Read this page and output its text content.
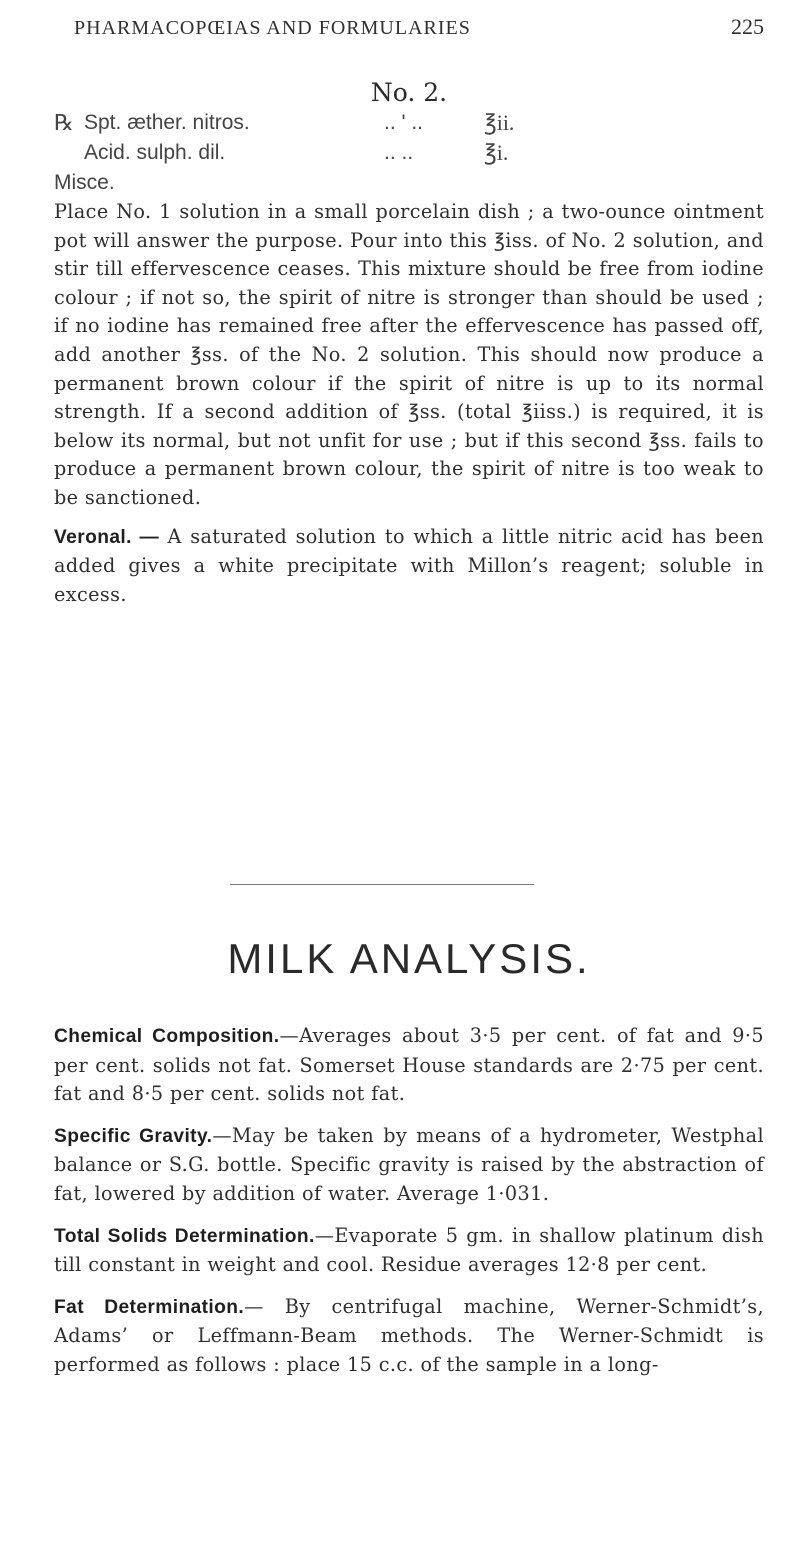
PHARMACOPŒIAS AND FORMULARIES	225
No. 2.
℞ Spt. æther. nitros.	.. ' ..	℥ii.
Acid. sulph. dil.	.. ..	℥i.
Misce.

Place No. 1 solution in a small porcelain dish ; a two-ounce ointment pot will answer the purpose. Pour into this ℥iss. of No. 2 solution, and stir till effervescence ceases. This mixture should be free from iodine colour ; if not so, the spirit of nitre is stronger than should be used ; if no iodine has remained free after the effervescence has passed off, add another ℥ss. of the No. 2 solution. This should now produce a permanent brown colour if the spirit of nitre is up to its normal strength. If a second addition of ℥ss. (total ℥iiss.) is required, it is below its normal, but not unfit for use ; but if this second ℥ss. fails to produce a permanent brown colour, the spirit of nitre is too weak to be sanctioned.

Veronal. — A saturated solution to which a little nitric acid has been added gives a white precipitate with Millon’s reagent; soluble in excess.

MILK ANALYSIS.

Chemical Composition.—Averages about 3·5 per cent. of fat and 9·5 per cent. solids not fat. Somerset House standards are 2·75 per cent. fat and 8·5 per cent. solids not fat.

Specific Gravity.—May be taken by means of a hydrometer, Westphal balance or S.G. bottle. Specific gravity is raised by the abstraction of fat, lowered by addition of water. Average 1·031.

Total Solids Determination.—Evaporate 5 gm. in shallow platinum dish till constant in weight and cool. Residue averages 12·8 per cent.

Fat Determination.— By centrifugal machine, Werner-Schmidt’s, Adams’ or Leffmann-Beam methods. The Werner-Schmidt is performed as follows : place 15 c.c. of the sample in a long-
